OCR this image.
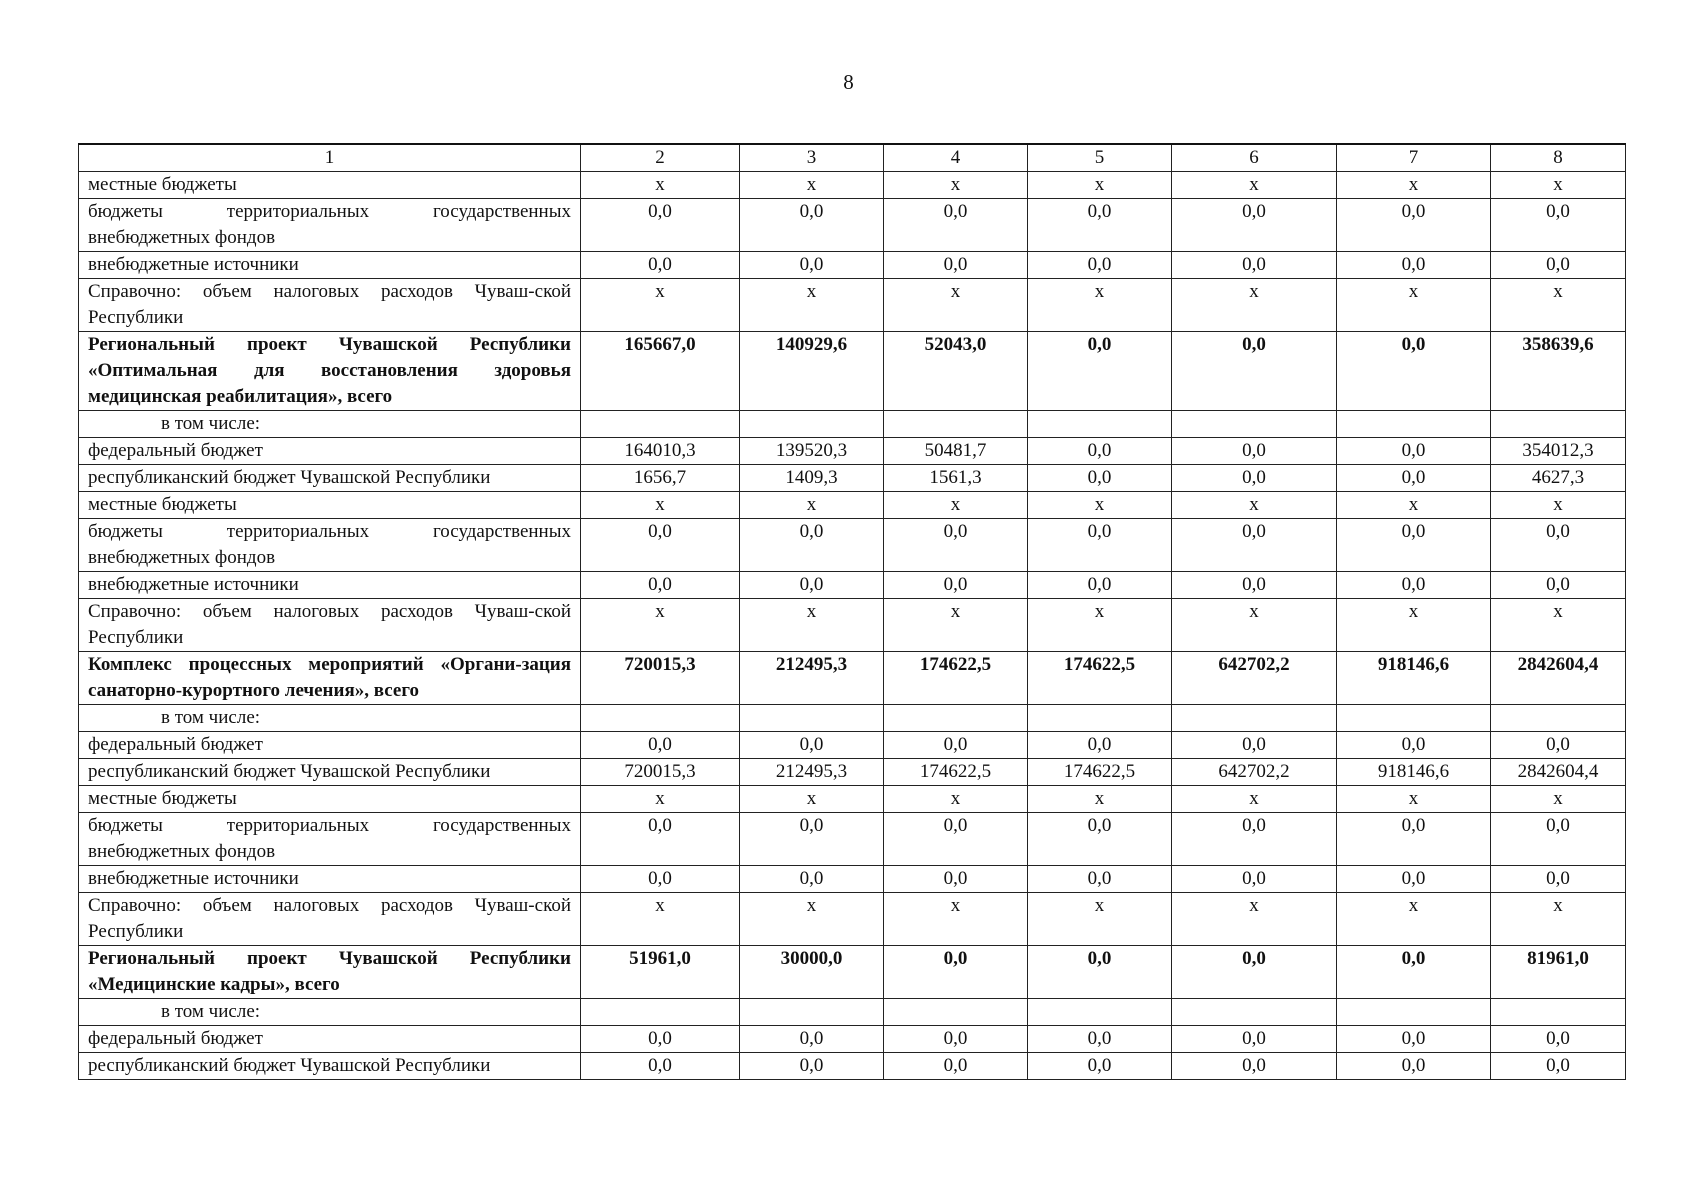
8
1	2	3	4	5	6	7	8
местные бюджеты	х	х	х	х	х	х	х
бюджеты территориальных государственных внебюджетных фондов	0,0	0,0	0,0	0,0	0,0	0,0	0,0
внебюджетные источники	0,0	0,0	0,0	0,0	0,0	0,0	0,0
Справочно: объем налоговых расходов Чуваш-ской Республики	х	х	х	х	х	х	х
Региональный проект Чувашской Республики «Оптимальная для восстановления здоровья медицинская реабилитация», всего	165667,0	140929,6	52043,0	0,0	0,0	0,0	358639,6
в том числе:							
федеральный бюджет	164010,3	139520,3	50481,7	0,0	0,0	0,0	354012,3
республиканский бюджет Чувашской Республики	1656,7	1409,3	1561,3	0,0	0,0	0,0	4627,3
местные бюджеты	х	х	х	х	х	х	х
бюджеты территориальных государственных внебюджетных фондов	0,0	0,0	0,0	0,0	0,0	0,0	0,0
внебюджетные источники	0,0	0,0	0,0	0,0	0,0	0,0	0,0
Справочно: объем налоговых расходов Чуваш-ской Республики	х	х	х	х	х	х	х
Комплекс процессных мероприятий «Органи-зация санаторно-курортного лечения», всего	720015,3	212495,3	174622,5	174622,5	642702,2	918146,6	2842604,4
в том числе:							
федеральный бюджет	0,0	0,0	0,0	0,0	0,0	0,0	0,0
республиканский бюджет Чувашской Республики	720015,3	212495,3	174622,5	174622,5	642702,2	918146,6	2842604,4
местные бюджеты	х	х	х	х	х	х	х
бюджеты территориальных государственных внебюджетных фондов	0,0	0,0	0,0	0,0	0,0	0,0	0,0
внебюджетные источники	0,0	0,0	0,0	0,0	0,0	0,0	0,0
Справочно: объем налоговых расходов Чуваш-ской Республики	х	х	х	х	х	х	х
Региональный проект Чувашской Республики «Медицинские кадры», всего	51961,0	30000,0	0,0	0,0	0,0	0,0	81961,0
в том числе:							
федеральный бюджет	0,0	0,0	0,0	0,0	0,0	0,0	0,0
республиканский бюджет Чувашской Республики	0,0	0,0	0,0	0,0	0,0	0,0	0,0
